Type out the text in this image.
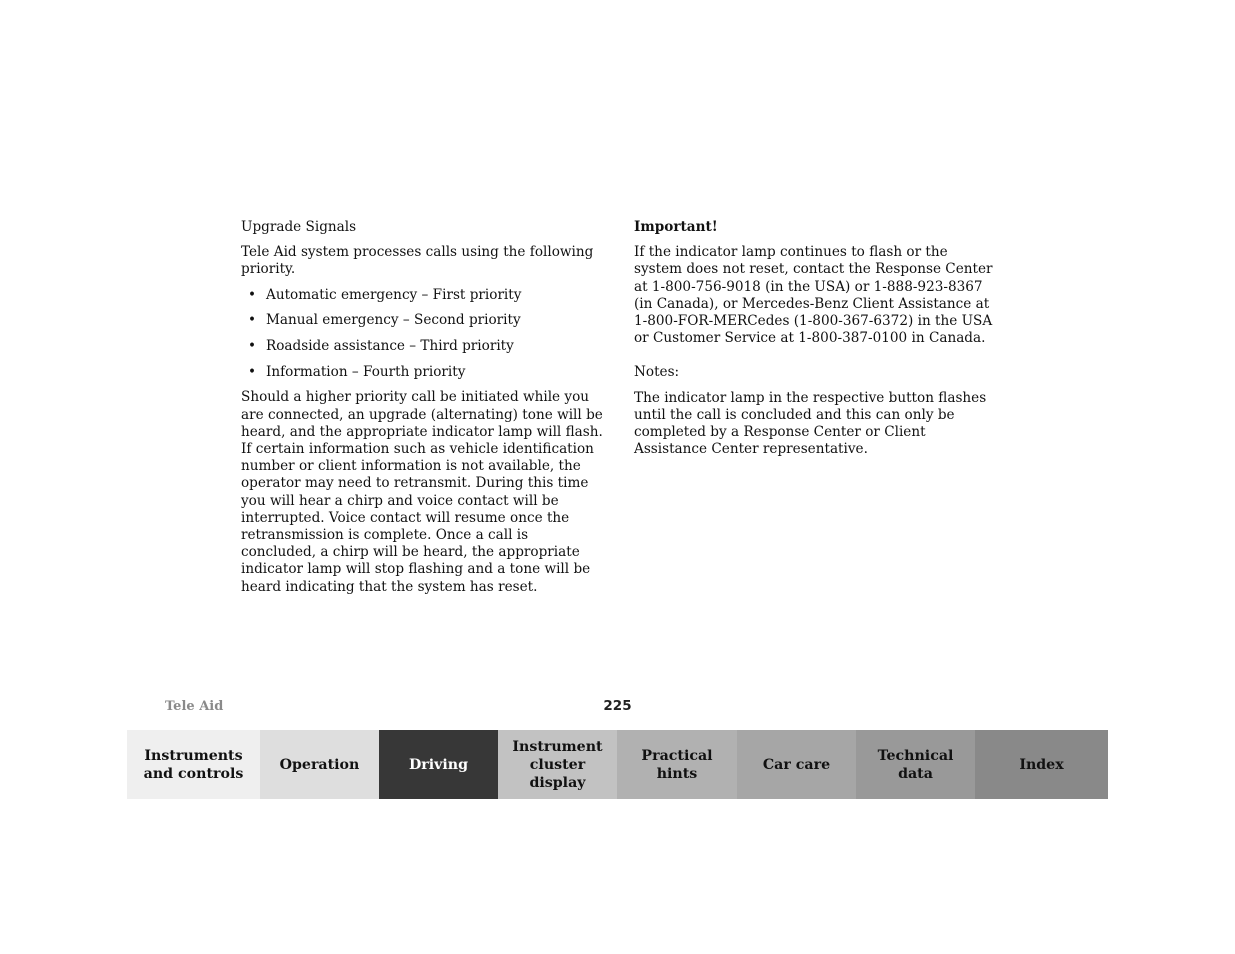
Upgrade Signals

Tele Aid system processes calls using the following priority.

• Automatic emergency – First priority
• Manual emergency – Second priority
• Roadside assistance – Third priority
• Information – Fourth priority

Should a higher priority call be initiated while you are connected, an upgrade (alternating) tone will be heard, and the appropriate indicator lamp will flash. If certain information such as vehicle identification number or client information is not available, the operator may need to retransmit. During this time you will hear a chirp and voice contact will be interrupted. Voice contact will resume once the retransmission is complete. Once a call is concluded, a chirp will be heard, the appropriate indicator lamp will stop flashing and a tone will be heard indicating that the system has reset.

Important!

If the indicator lamp continues to flash or the system does not reset, contact the Response Center at 1-800-756-9018 (in the USA) or 1-888-923-8367 (in Canada), or Mercedes-Benz Client Assistance at 1-800-FOR-MERCedes (1-800-367-6372) in the USA or Customer Service at 1-800-387-0100 in Canada.

Notes:

The indicator lamp in the respective button flashes until the call is concluded and this can only be completed by a Response Center or Client Assistance Center representative.

Tele Aid	225
Instruments
and controls
Operation	Driving
Instrument
cluster display
Practical hints
Car care
Technical
data
Index
